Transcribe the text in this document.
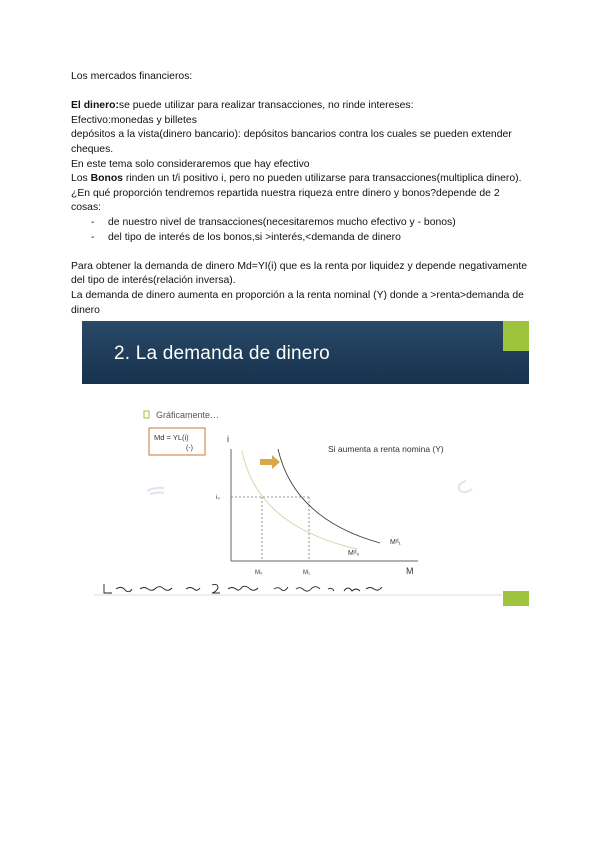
Los mercados financieros:

El dinero:se puede utilizar para realizar transacciones, no rinde intereses:

Efectivo:monedas y billetes

depósitos a la vista(dinero bancario): depósitos bancarios contra los cuales se pueden extender cheques.

En este tema solo consideraremos que hay efectivo

Los Bonos rinden un t/i positivo i, pero no pueden utilizarse para transacciones(multiplica dinero).¿En qué proporción tendremos repartida nuestra riqueza entre dinero y bonos?depende de 2 cosas:

- de nuestro nivel de transacciones(necesitaremos mucho efectivo y - bonos)
- del tipo de interés de los bonos,si >interés,<demanda de dinero

Para obtener la demanda de dinero Md=YI(i) que es la renta por liquidez y depende negativamente del tipo de interés(relación inversa).

La demanda de dinero aumenta en proporción a la renta nominal (Y) donde a >renta>demanda de dinero

2. La demanda de dinero
Gráficamente…
Md = YL(i)
(-)
i
M
i₀
M₀	M₁
Mᵈ₁
Mᵈ₀
Si aumenta a renta nomina (Y)
